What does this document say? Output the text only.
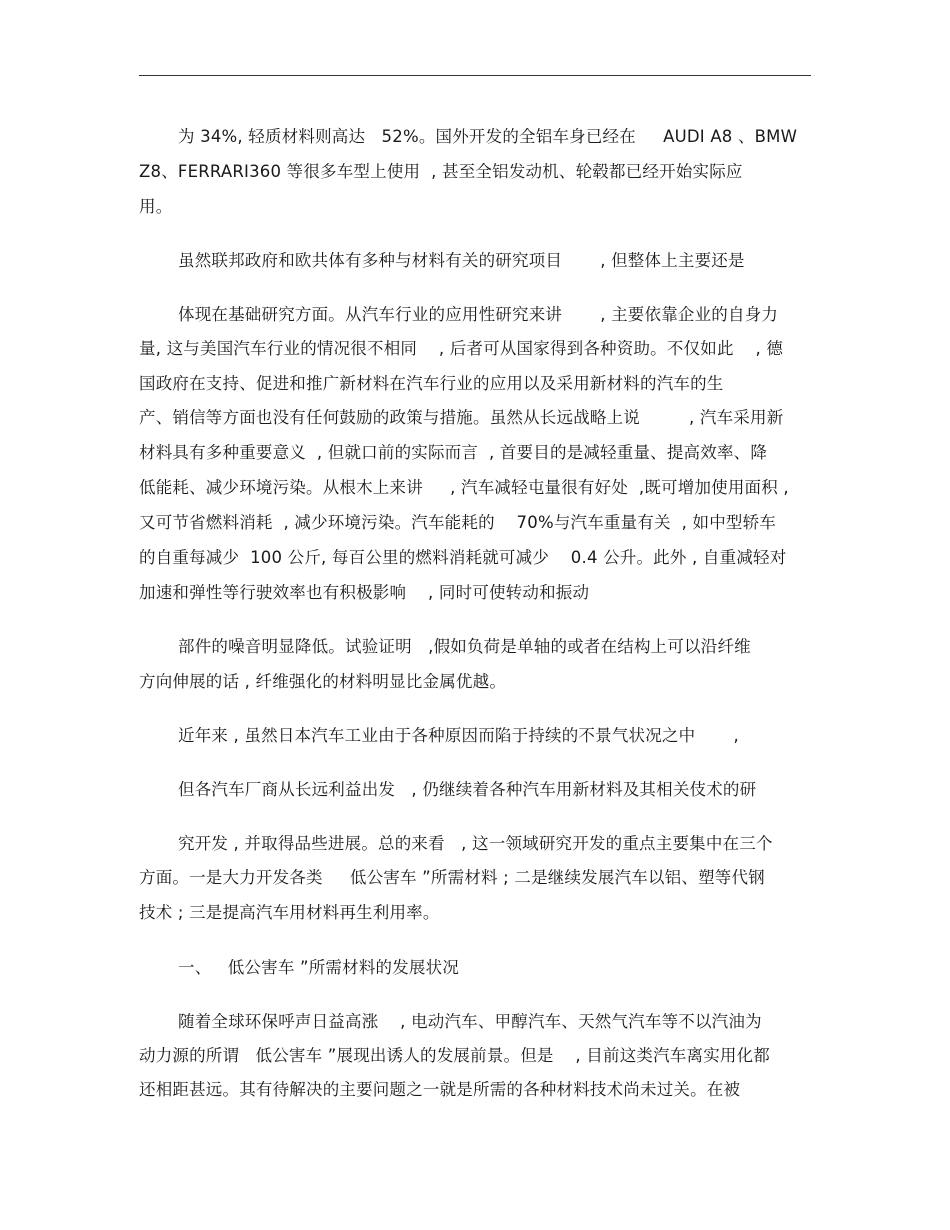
为 34%, 轻质材料则高达   52%。国外开发的全铝车身已经在     AUDI A8 、BMW
Z8、FERRARI360 等很多车型上使用  , 甚至全铝发动机、轮毂都已经开始实际应
用。
虽然联邦政府和欧共体有多种与材料有关的研究项目       , 但整体上主要还是
体现在基础研究方面。从汽车行业的应用性研究来讲       , 主要依靠企业的自身力
量, 这与美国汽车行业的情况很不相同    , 后者可从国家得到各种资助。不仅如此    , 德
国政府在支持、促进和推广新材料在汽车行业的应用以及采用新材料的汽车的生
产、销信等方面也没有任何鼓励的政策与措施。虽然从长远战略上说         , 汽车采用新
材料具有多种重要意义  , 但就口前的实际而言  , 首要目的是减轻重量、提高效率、降
低能耗、减少环境污染。从根木上来讲     , 汽车减轻屯量很有好处  ,既可增加使用面积 ,
又可节省燃料消耗  , 减少环境污染。汽车能耗的    70%与汽车重量有关  , 如中型轿车
的自重每减少  100 公斤, 每百公里的燃料消耗就可减少    0.4 公升。此外 , 自重减轻对
加速和弹性等行驶效率也有积极影响    , 同时可使转动和振动
部件的噪音明显降低。试验证明   ,假如负荷是单轴的或者在结构上可以沿纤维
方向伸展的话 , 纤维强化的材料明显比金属优越。
近年来 , 虽然日本汽车工业由于各种原因而陷于持续的不景气状况之中       ,
但各汽车厂商从长远利益出发   , 仍继续着各种汽车用新材料及其相关伎术的研
究开发 , 并取得品些进展。总的来看   , 这一领域研究开发的重点主要集中在三个
方面。一是大力开发各类     低公害车 ”所需材料 ; 二是继续发展汽车以铝、塑等代钢
技术 ; 三是提高汽车用材料再生利用率。
一、   低公害车 ”所需材料的发展状况
随着全球环保呼声日益高涨    , 电动汽车、甲醇汽车、天然气汽车等不以汽油为
动力源的所谓   低公害车 ”展现出诱人的发展前景。但是    , 目前这类汽车离实用化都
还相距甚远。其有待解决的主要问题之一就是所需的各种材料技术尚未过关。在被
